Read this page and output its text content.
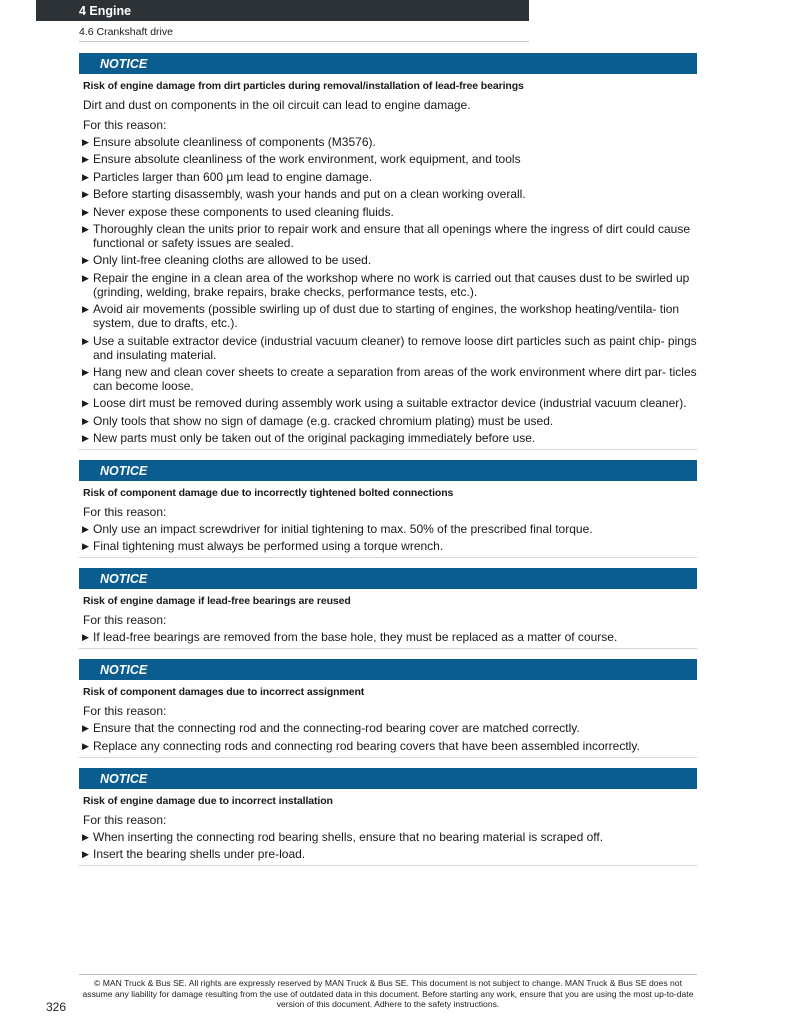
4 Engine
4.6 Crankshaft drive
NOTICE
Risk of engine damage from dirt particles during removal/installation of lead-free bearings
Dirt and dust on components in the oil circuit can lead to engine damage.
For this reason:
▶ Ensure absolute cleanliness of components (M3576).
▶ Ensure absolute cleanliness of the work environment, work equipment, and tools
▶ Particles larger than 600 µm lead to engine damage.
▶ Before starting disassembly, wash your hands and put on a clean working overall.
▶ Never expose these components to used cleaning fluids.
▶ Thoroughly clean the units prior to repair work and ensure that all openings where the ingress of dirt could cause functional or safety issues are sealed.
▶ Only lint-free cleaning cloths are allowed to be used.
▶ Repair the engine in a clean area of the workshop where no work is carried out that causes dust to be swirled up (grinding, welding, brake repairs, brake checks, performance tests, etc.).
▶ Avoid air movements (possible swirling up of dust due to starting of engines, the workshop heating/ventila- tion system, due to drafts, etc.).
▶ Use a suitable extractor device (industrial vacuum cleaner) to remove loose dirt particles such as paint chip- pings and insulating material.
▶ Hang new and clean cover sheets to create a separation from areas of the work environment where dirt par- ticles can become loose.
▶ Loose dirt must be removed during assembly work using a suitable extractor device (industrial vacuum cleaner).
▶ Only tools that show no sign of damage (e.g. cracked chromium plating) must be used.
▶ New parts must only be taken out of the original packaging immediately before use.
NOTICE
Risk of component damage due to incorrectly tightened bolted connections
For this reason:
▶ Only use an impact screwdriver for initial tightening to max. 50% of the prescribed final torque.
▶ Final tightening must always be performed using a torque wrench.
NOTICE
Risk of engine damage if lead-free bearings are reused
For this reason:
▶ If lead-free bearings are removed from the base hole, they must be replaced as a matter of course.
NOTICE
Risk of component damages due to incorrect assignment
For this reason:
▶ Ensure that the connecting rod and the connecting-rod bearing cover are matched correctly.
▶ Replace any connecting rods and connecting rod bearing covers that have been assembled incorrectly.
NOTICE
Risk of engine damage due to incorrect installation
For this reason:
▶ When inserting the connecting rod bearing shells, ensure that no bearing material is scraped off.
▶ Insert the bearing shells under pre-load.
© MAN Truck & Bus SE. All rights are expressly reserved by MAN Truck & Bus SE. This document is not subject to change. MAN Truck & Bus SE does not assume any liability for damage resulting from the use of outdated data in this document. Before starting any work, ensure that you are using the most up-to-date version of this document. Adhere to the safety instructions.
326
